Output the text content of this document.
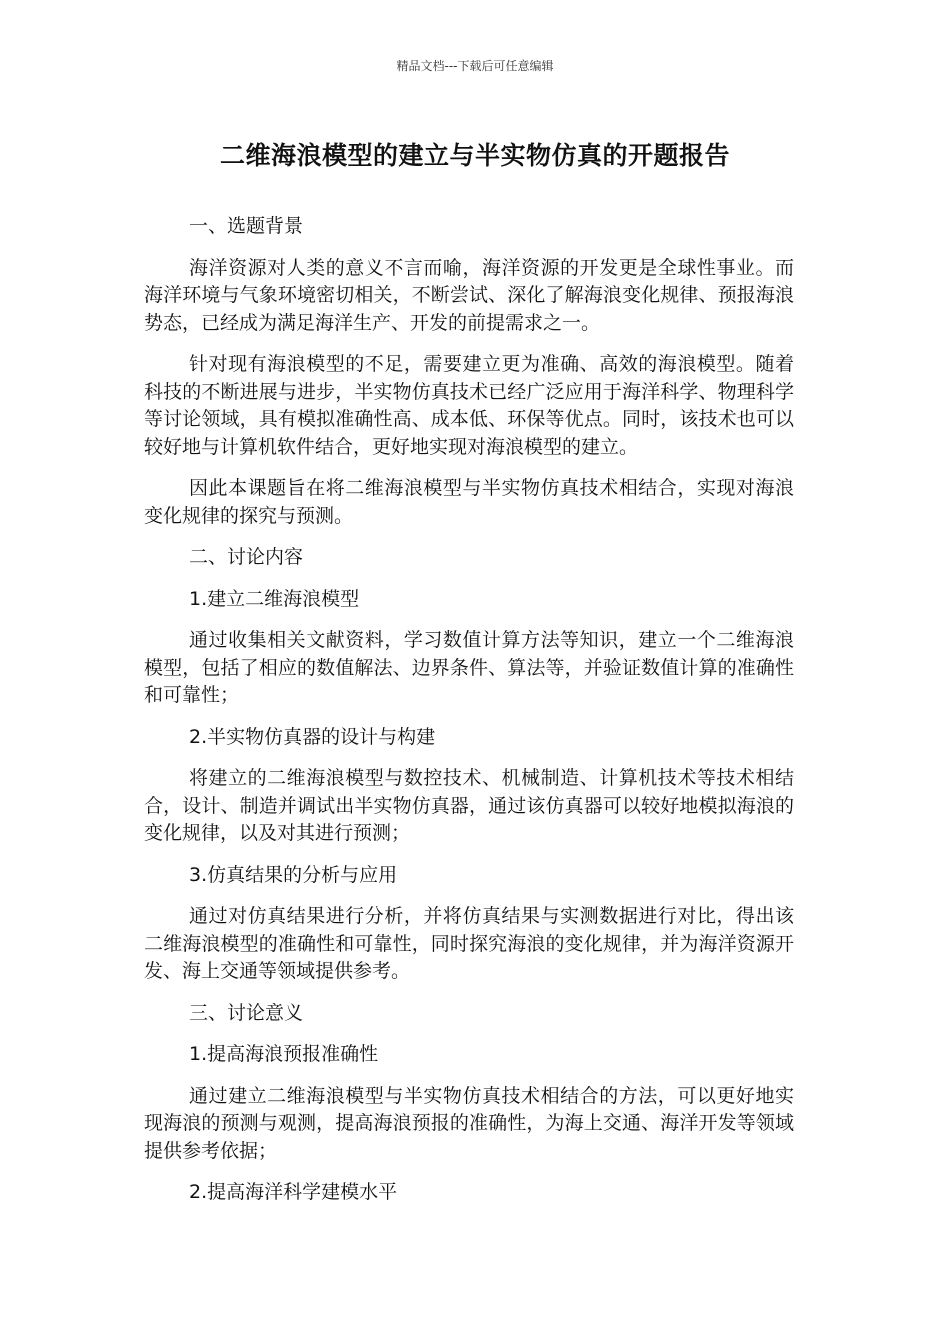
精品文档---下载后可任意编辑
二维海浪模型的建立与半实物仿真的开题报告

一、选题背景

海洋资源对人类的意义不言而喻，海洋资源的开发更是全球性事业。而海洋环境与气象环境密切相关，不断尝试、深化了解海浪变化规律、预报海浪势态，已经成为满足海洋生产、开发的前提需求之一。

针对现有海浪模型的不足，需要建立更为准确、高效的海浪模型。随着科技的不断进展与进步，半实物仿真技术已经广泛应用于海洋科学、物理科学等讨论领域，具有模拟准确性高、成本低、环保等优点。同时，该技术也可以较好地与计算机软件结合，更好地实现对海浪模型的建立。

因此本课题旨在将二维海浪模型与半实物仿真技术相结合，实现对海浪变化规律的探究与预测。

二、讨论内容

1.建立二维海浪模型

通过收集相关文献资料，学习数值计算方法等知识，建立一个二维海浪模型，包括了相应的数值解法、边界条件、算法等，并验证数值计算的准确性和可靠性；

2.半实物仿真器的设计与构建

将建立的二维海浪模型与数控技术、机械制造、计算机技术等技术相结合，设计、制造并调试出半实物仿真器，通过该仿真器可以较好地模拟海浪的变化规律，以及对其进行预测；

3.仿真结果的分析与应用

通过对仿真结果进行分析，并将仿真结果与实测数据进行对比，得出该二维海浪模型的准确性和可靠性，同时探究海浪的变化规律，并为海洋资源开发、海上交通等领域提供参考。

三、讨论意义

1.提高海浪预报准确性

通过建立二维海浪模型与半实物仿真技术相结合的方法，可以更好地实现海浪的预测与观测，提高海浪预报的准确性，为海上交通、海洋开发等领域提供参考依据；

2.提高海洋科学建模水平
